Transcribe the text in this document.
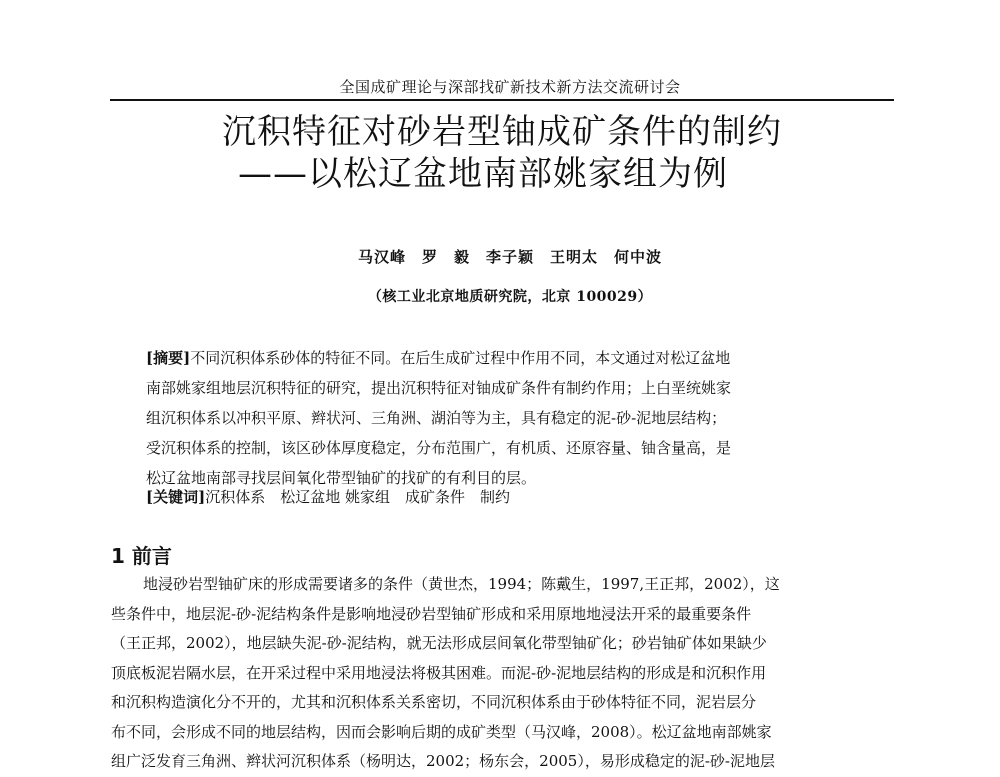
全国成矿理论与深部找矿新技术新方法交流研讨会
沉积特征对砂岩型铀成矿条件的制约
——以松辽盆地南部姚家组为例
马汉峰　罗　毅　李子颖　王明太　何中波
（核工业北京地质研究院，北京 100029）
[摘要]不同沉积体系砂体的特征不同。在后生成矿过程中作用不同，本文通过对松辽盆地
南部姚家组地层沉积特征的研究，提出沉积特征对铀成矿条件有制约作用；上白垩统姚家
组沉积体系以冲积平原、辫状河、三角洲、湖泊等为主，具有稳定的泥-砂-泥地层结构；
受沉积体系的控制，该区砂体厚度稳定，分布范围广，有机质、还原容量、铀含量高，是
松辽盆地南部寻找层间氧化带型铀矿的找矿的有利目的层。
[关键词]沉积体系　松辽盆地 姚家组　成矿条件　制约
1 前言
地浸砂岩型铀矿床的形成需要诸多的条件（黄世杰，1994；陈戴生，1997,王正邦，2002），这
些条件中，地层泥-砂-泥结构条件是影响地浸砂岩型铀矿形成和采用原地地浸法开采的最重要条件
（王正邦，2002），地层缺失泥-砂-泥结构，就无法形成层间氧化带型铀矿化；砂岩铀矿体如果缺少
顶底板泥岩隔水层，在开采过程中采用地浸法将极其困难。而泥-砂-泥地层结构的形成是和沉积作用
和沉积构造演化分不开的，尤其和沉积体系关系密切，不同沉积体系由于砂体特征不同，泥岩层分
布不同，会形成不同的地层结构，因而会影响后期的成矿类型（马汉峰，2008）。松辽盆地南部姚家
组广泛发育三角洲、辫状河沉积体系（杨明达，2002；杨东会，2005），易形成稳定的泥-砂-泥地层
